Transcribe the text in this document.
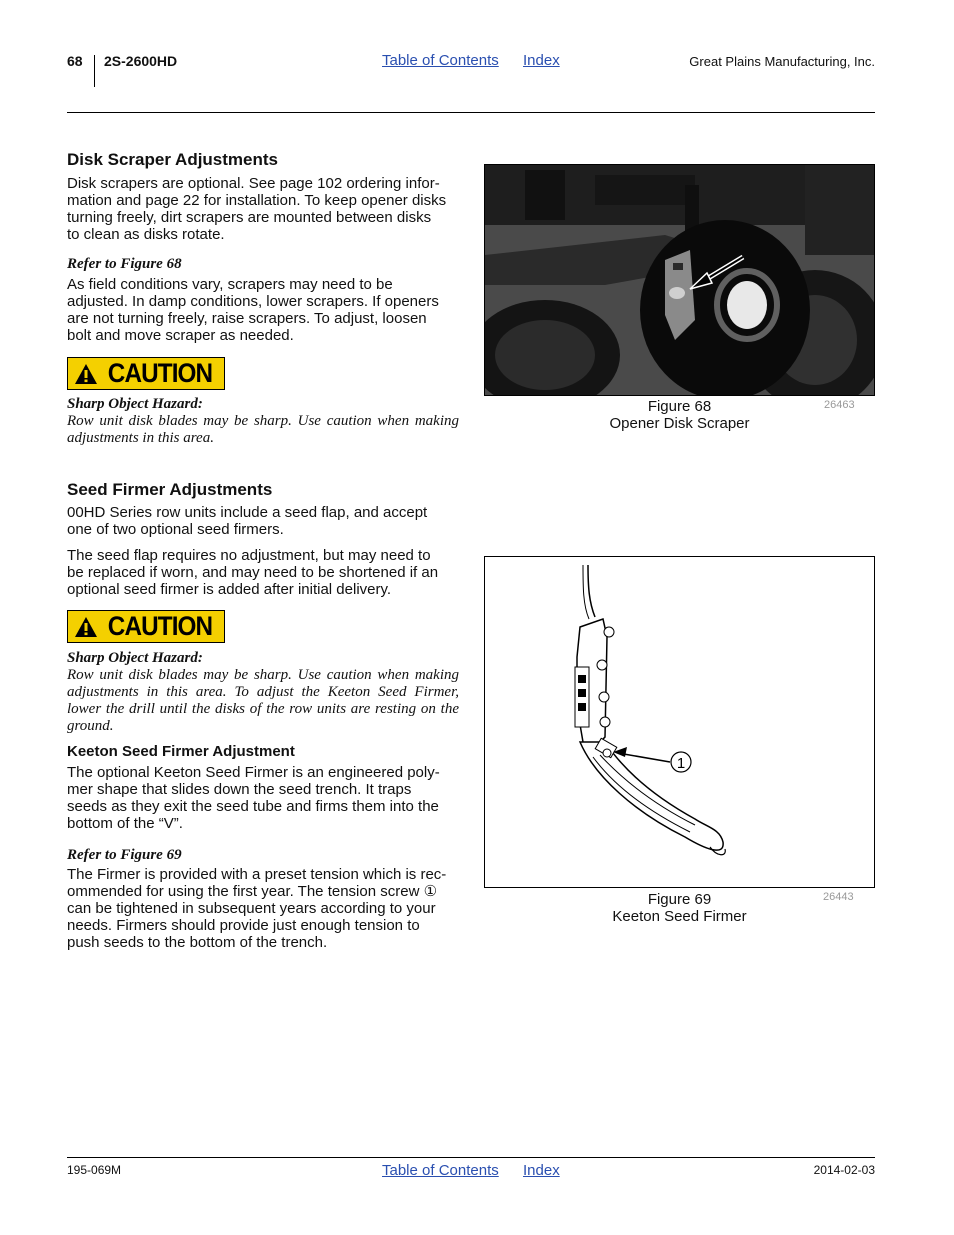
68 2S-2600HD	Table of Contents Index	Great Plains Manufacturing, Inc.
Disk Scraper Adjustments
Disk scrapers are optional. See page 102 ordering infor-
mation and page 22 for installation. To keep opener disks
turning freely, dirt scrapers are mounted between disks
to clean as disks rotate.

Refer to Figure 68

As field conditions vary, scrapers may need to be
adjusted. In damp conditions, lower scrapers. If openers
are not turning freely, raise scrapers. To adjust, loosen
bolt and move scraper as needed.
CAUTION

Sharp Object Hazard:

Row unit disk blades may be sharp. Use caution when making adjustments in this area.

Figure 68
Opener Disk Scraper
26463
Seed Firmer Adjustments
00HD Series row units include a seed flap, and accept
one of two optional seed firmers.
The seed flap requires no adjustment, but may need to
be replaced if worn, and may need to be shortened if an
optional seed firmer is added after initial delivery.
CAUTION

Sharp Object Hazard:

Row unit disk blades may be sharp. Use caution when making adjustments in this area. To adjust the Keeton Seed Firmer, lower the drill until the disks of the row units are resting on the ground.

Keeton Seed Firmer Adjustment
The optional Keeton Seed Firmer is an engineered poly-
mer shape that slides down the seed trench. It traps
seeds as they exit the seed tube and firms them into the
bottom of the “V”.

Refer to Figure 69

The Firmer is provided with a preset tension which is rec-
ommended for using the first year. The tension screw ①
can be tightened in subsequent years according to your
needs. Firmers should provide just enough tension to
push seeds to the bottom of the trench.
1
Figure 69
Keeton Seed Firmer
26443
195-069M	Table of Contents Index	2014-02-03
